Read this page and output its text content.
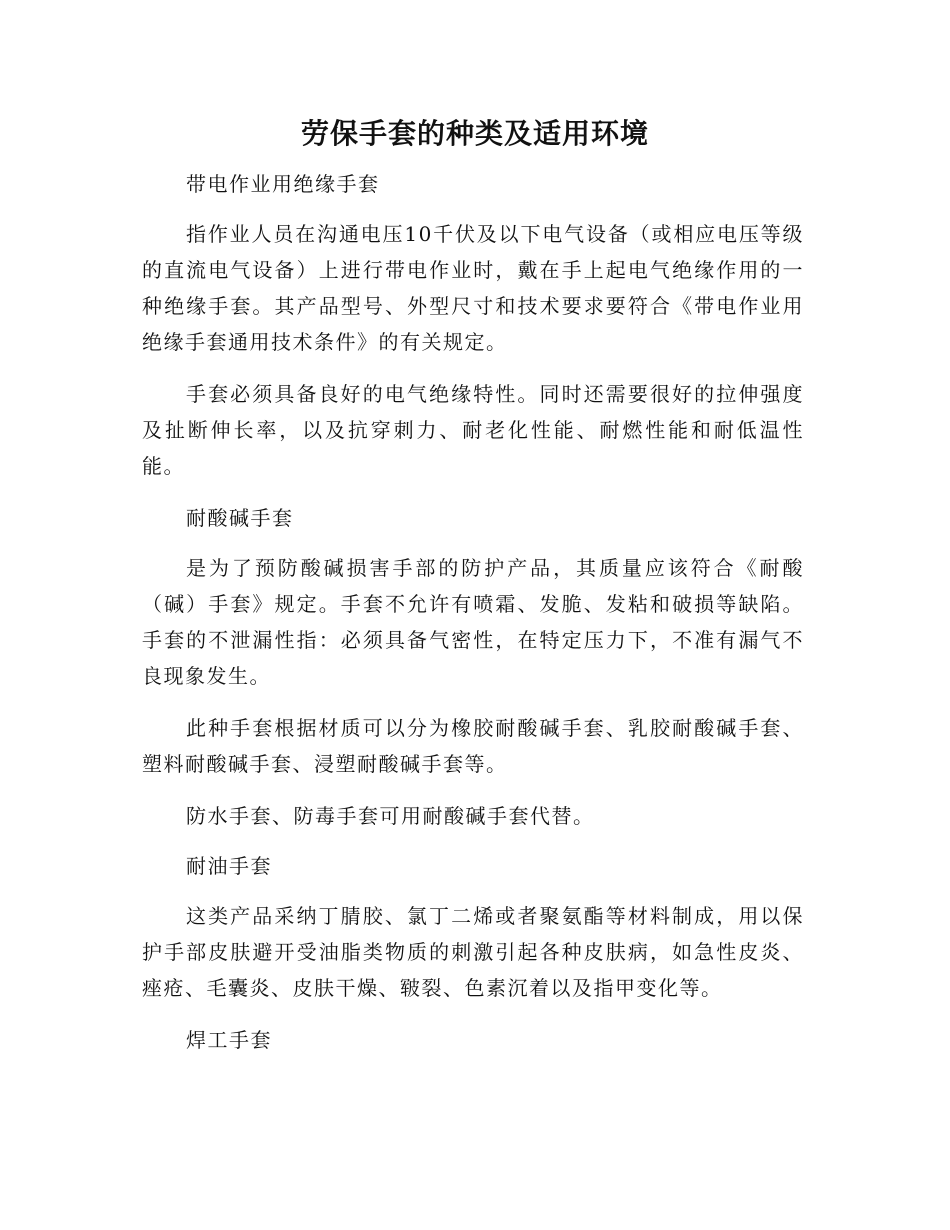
劳保手套的种类及适用环境

带电作业用绝缘手套

指作业人员在沟通电压10千伏及以下电气设备（或相应电压等级的直流电气设备）上进行带电作业时，戴在手上起电气绝缘作用的一种绝缘手套。其产品型号、外型尺寸和技术要求要符合《带电作业用绝缘手套通用技术条件》的有关规定。

手套必须具备良好的电气绝缘特性。同时还需要很好的拉伸强度及扯断伸长率，以及抗穿刺力、耐老化性能、耐燃性能和耐低温性能。

耐酸碱手套

是为了预防酸碱损害手部的防护产品，其质量应该符合《耐酸（碱）手套》规定。手套不允许有喷霜、发脆、发粘和破损等缺陷。手套的不泄漏性指：必须具备气密性，在特定压力下，不准有漏气不良现象发生。

此种手套根据材质可以分为橡胶耐酸碱手套、乳胶耐酸碱手套、塑料耐酸碱手套、浸塑耐酸碱手套等。

防水手套、防毒手套可用耐酸碱手套代替。

耐油手套

这类产品采纳丁腈胶、氯丁二烯或者聚氨酯等材料制成，用以保护手部皮肤避开受油脂类物质的刺激引起各种皮肤病，如急性皮炎、痤疮、毛囊炎、皮肤干燥、皲裂、色素沉着以及指甲变化等。

焊工手套
